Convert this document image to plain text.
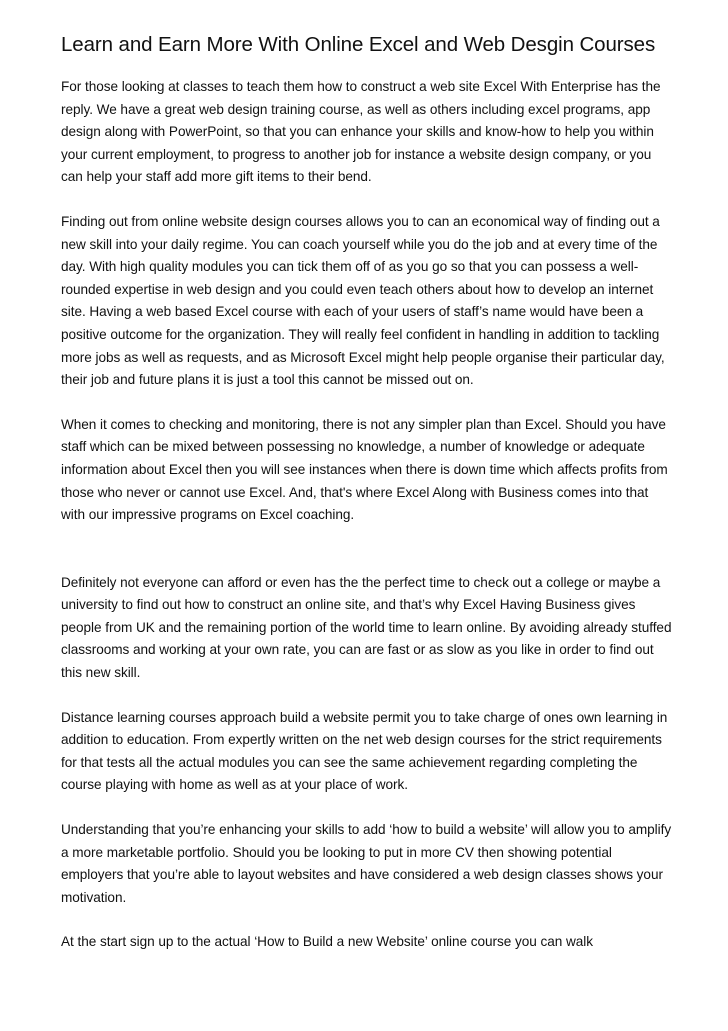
Learn and Earn More With Online Excel and Web Desgin Courses

For those looking at classes to teach them how to construct a web site Excel With Enterprise has the reply. We have a great web design training course, as well as others including excel programs, app design along with PowerPoint, so that you can enhance your skills and know-how to help you within your current employment, to progress to another job for instance a website design company, or you can help your staff add more gift items to their bend.

Finding out from online website design courses allows you to can an economical way of finding out a new skill into your daily regime. You can coach yourself while you do the job and at every time of the day. With high quality modules you can tick them off of as you go so that you can possess a well-rounded expertise in web design and you could even teach others about how to develop an internet site. Having a web based Excel course with each of your users of staff’s name would have been a positive outcome for the organization. They will really feel confident in handling in addition to tackling more jobs as well as requests, and as Microsoft Excel might help people organise their particular day, their job and future plans it is just a tool this cannot be missed out on.

When it comes to checking and monitoring, there is not any simpler plan than Excel. Should you have staff which can be mixed between possessing no knowledge, a number of knowledge or adequate information about Excel then you will see instances when there is down time which affects profits from those who never or cannot use Excel. And, that's where Excel Along with Business comes into that with our impressive programs on Excel coaching.

Definitely not everyone can afford or even has the the perfect time to check out a college or maybe a university to find out how to construct an online site, and that’s why Excel Having Business gives people from UK and the remaining portion of the world time to learn online. By avoiding already stuffed classrooms and working at your own rate, you can are fast or as slow as you like in order to find out this new skill.

Distance learning courses approach build a website permit you to take charge of ones own learning in addition to education. From expertly written on the net web design courses for the strict requirements for that tests all the actual modules you can see the same achievement regarding completing the course playing with home as well as at your place of work.

Understanding that you’re enhancing your skills to add ‘how to build a website’ will allow you to amplify a more marketable portfolio. Should you be looking to put in more CV then showing potential employers that you’re able to layout websites and have considered a web design classes shows your motivation.

At the start sign up to the actual ‘How to Build a new Website’ online course you can walk
